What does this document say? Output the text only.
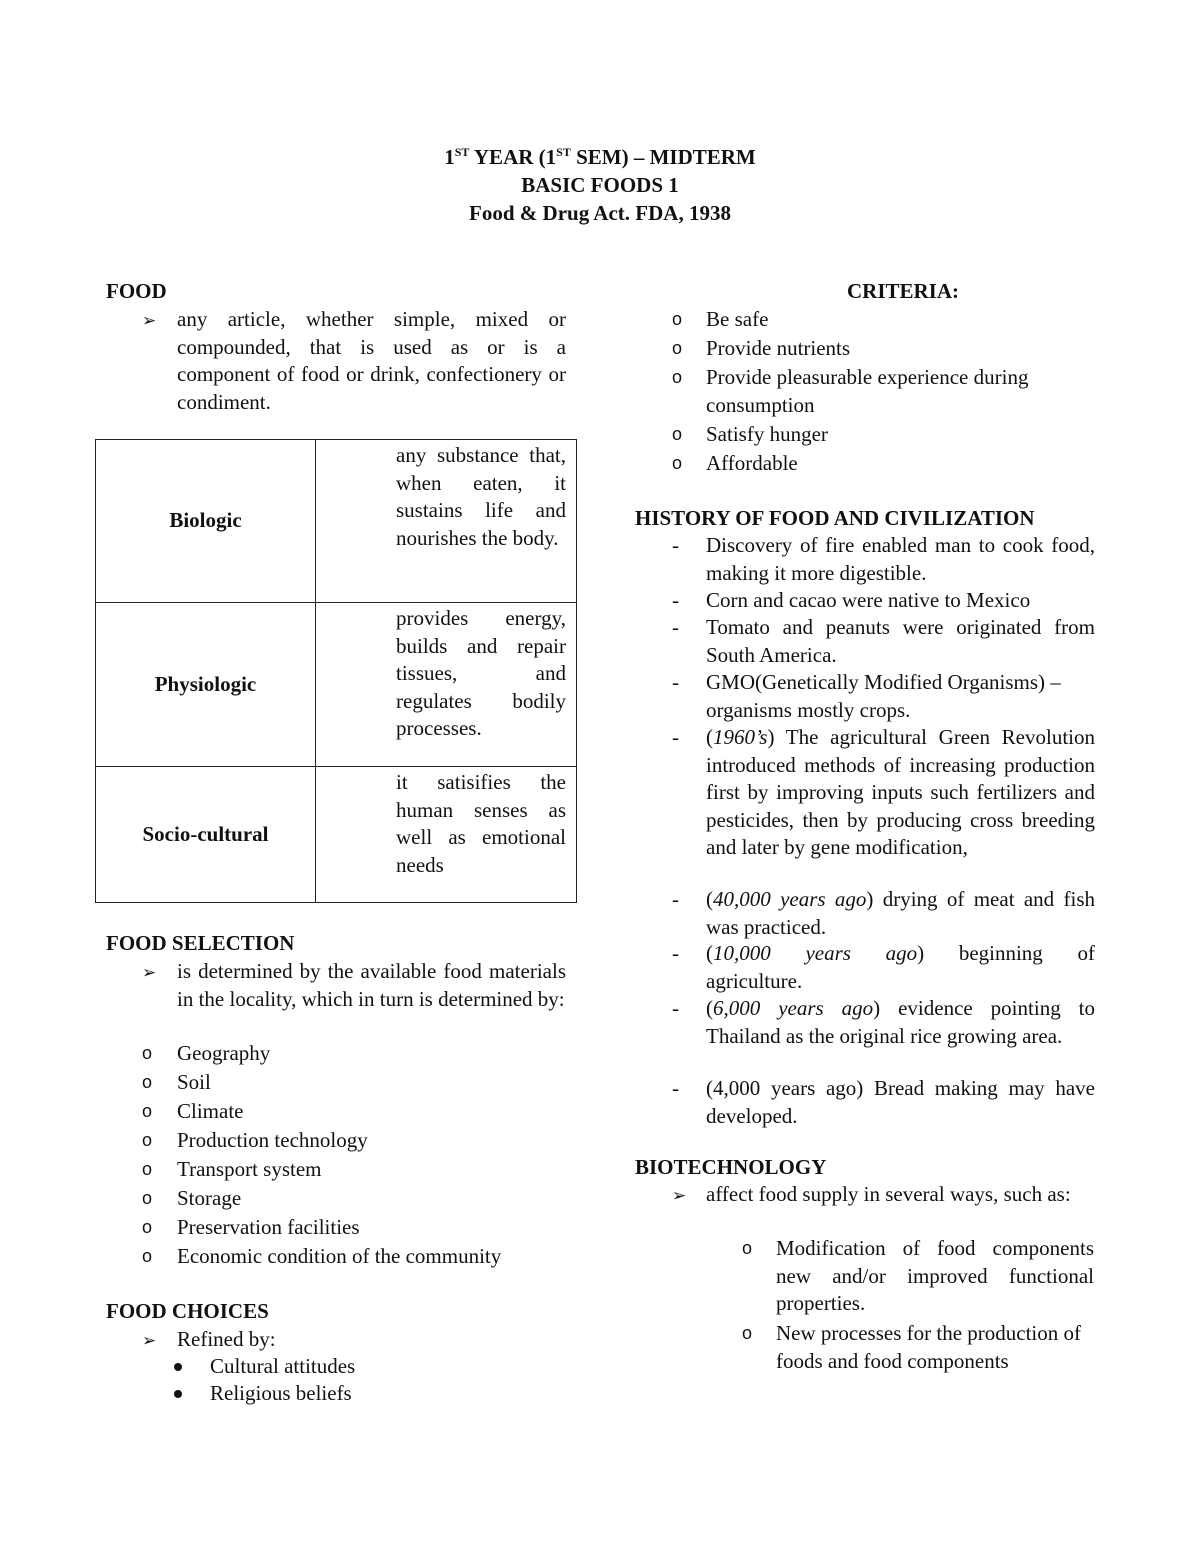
1ST YEAR (1ST SEM) – MIDTERM
BASIC FOODS 1
Food & Drug Act. FDA, 1938
FOOD
➢ any article, whether simple, mixed or compounded, that is used as or is a component of food or drink, confectionery or condiment.
Biologic	any substance that, when eaten, it sustains life and nourishes the body.
Physiologic	provides energy, builds and repair tissues, and regulates bodily processes.
Socio-cultural	it satisifies the human senses as well as emotional needs
FOOD SELECTION
➢ is determined by the available food materials in the locality, which in turn is determined by:
o Geography
o Soil
o Climate
o Production technology
o Transport system
o Storage
o Preservation facilities
o Economic condition of the community
FOOD CHOICES
➢ Refined by:
Cultural attitudes
Religious beliefs
CRITERIA:
o Be safe
o Provide nutrients
o Provide pleasurable experience during consumption
o Satisfy hunger
o Affordable
HISTORY OF FOOD AND CIVILIZATION
- Discovery of fire enabled man to cook food, making it more digestible.
- Corn and cacao were native to Mexico
- Tomato and peanuts were originated from South America.
- GMO(Genetically Modified Organisms) – organisms mostly crops.
- (1960’s) The agricultural Green Revolution introduced methods of increasing production first by improving inputs such fertilizers and pesticides, then by producing cross breeding and later by gene modification,
- (40,000 years ago) drying of meat and fish was practiced.
- (10,000 years ago) beginning of agriculture.
- (6,000 years ago) evidence pointing to Thailand as the original rice growing area.
- (4,000 years ago) Bread making may have developed.
BIOTECHNOLOGY
➢ affect food supply in several ways, such as:
o Modification of food components new and/or improved functional properties.
o New processes for the production of foods and food components
